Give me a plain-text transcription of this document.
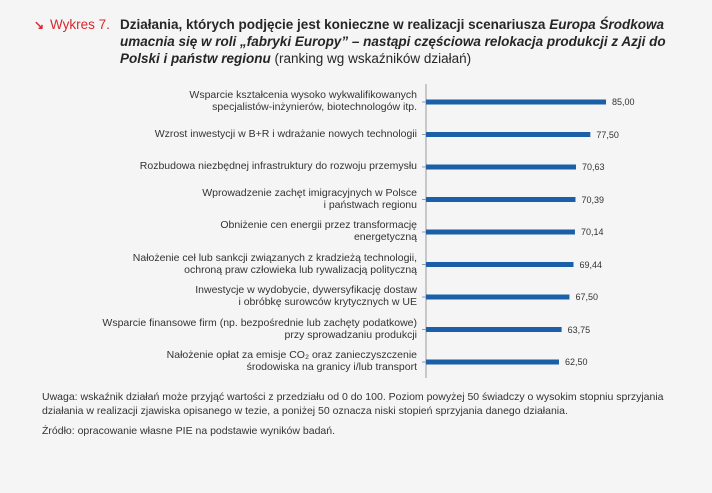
↘ Wykres 7. Działania, których podjęcie jest konieczne w realizacji scenariusza Europa Środkowa umacnia się w roli „fabryki Europy” – nastąpi częściowa relokacja produkcji z Azji do Polski i państw regionu (ranking wg wskaźników działań)
85,00
Wsparcie kształcenia wysoko wykwalifikowanych
specjalistów-inżynierów, biotechnologów itp.
77,50
Wzrost inwestycji w B+R i wdrażanie nowych technologii
70,63
Rozbudowa niezbędnej infrastruktury do rozwoju przemysłu
70,39
Wprowadzenie zachęt imigracyjnych w Polsce
i państwach regionu
70,14
Obniżenie cen energii przez transformację
energetyczną
69,44
Nałożenie ceł lub sankcji związanych z kradzieżą technologii,
ochroną praw człowieka lub rywalizacją polityczną
67,50
Inwestycje w wydobycie, dywersyfikację dostaw
i obróbkę surowców krytycznych w UE
63,75
Wsparcie finansowe firm (np. bezpośrednie lub zachęty podatkowe)
przy sprowadzaniu produkcji
62,50
Nałożenie opłat za emisje CO₂ oraz zanieczyszczenie
środowiska na granicy i/lub transport

Uwaga: wskaźnik działań może przyjąć wartości z przedziału od 0 do 100. Poziom powyżej 50 świadczy o wysokim stopniu sprzyjania działania w realizacji zjawiska opisanego w tezie, a poniżej 50 oznacza niski stopień sprzyjania danego działania.

Źródło: opracowanie własne PIE na podstawie wyników badań.
